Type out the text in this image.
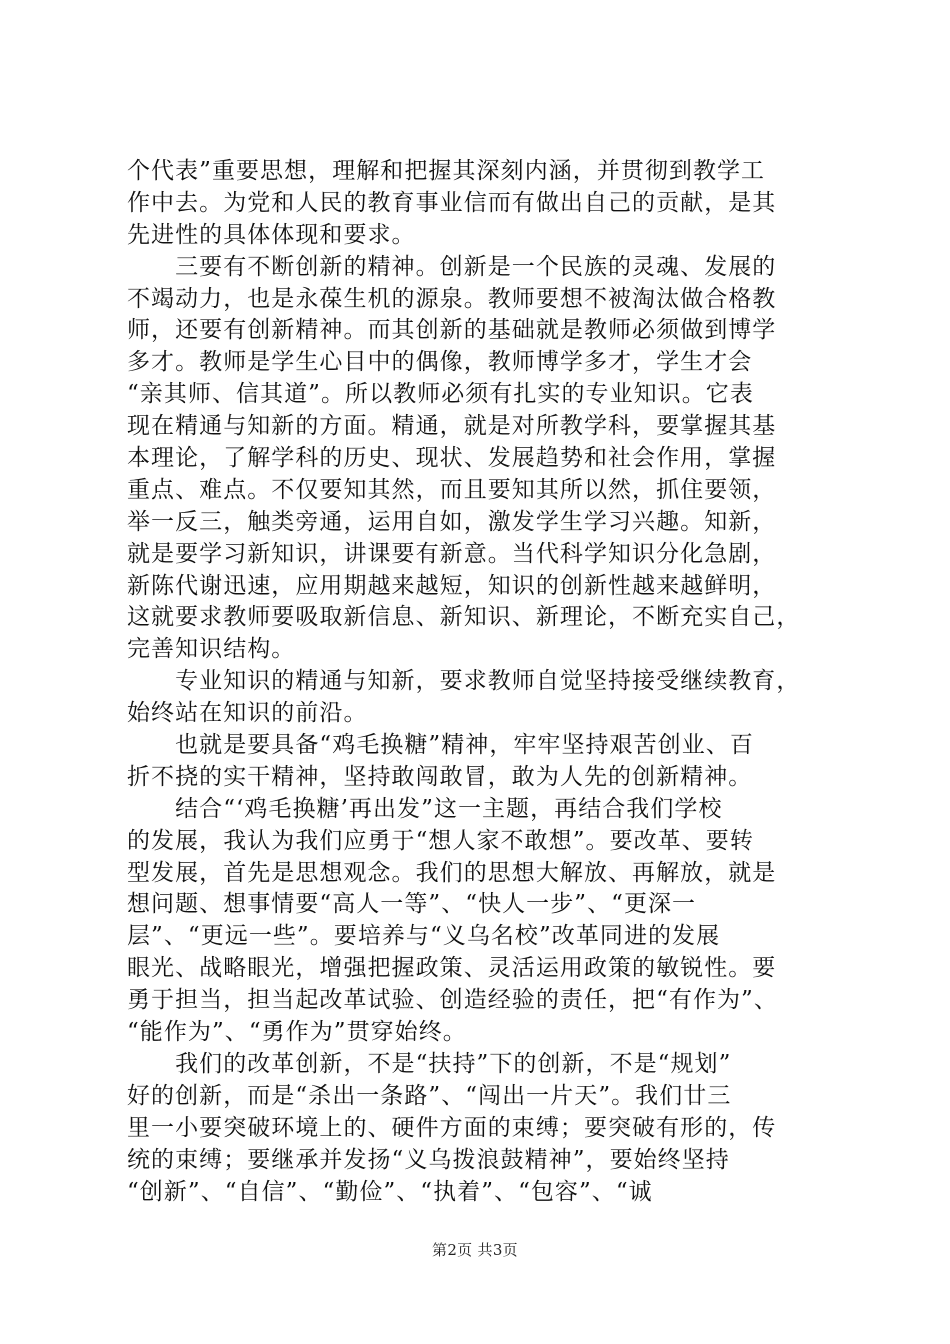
个代表”重要思想，理解和把握其深刻内涵，并贯彻到教学工
作中去。为党和人民的教育事业信而有做出自己的贡献，是其
先进性的具体体现和要求。
　　三要有不断创新的精神。创新是一个民族的灵魂、发展的
不竭动力，也是永葆生机的源泉。教师要想不被淘汰做合格教
师，还要有创新精神。而其创新的基础就是教师必须做到博学
多才。教师是学生心目中的偶像，教师博学多才，学生才会
“亲其师、信其道”。所以教师必须有扎实的专业知识。它表
现在精通与知新的方面。精通，就是对所教学科，要掌握其基
本理论，了解学科的历史、现状、发展趋势和社会作用，掌握
重点、难点。不仅要知其然，而且要知其所以然，抓住要领，
举一反三，触类旁通，运用自如，激发学生学习兴趣。知新，
就是要学习新知识，讲课要有新意。当代科学知识分化急剧，
新陈代谢迅速，应用期越来越短，知识的创新性越来越鲜明，
这就要求教师要吸取新信息、新知识、新理论，不断充实自己，
完善知识结构。
　　专业知识的精通与知新，要求教师自觉坚持接受继续教育，
始终站在知识的前沿。
　　也就是要具备“鸡毛换糖”精神，牢牢坚持艰苦创业、百
折不挠的实干精神，坚持敢闯敢冒，敢为人先的创新精神。
　　结合“‘鸡毛换糖’再出发”这一主题，再结合我们学校
的发展，我认为我们应勇于“想人家不敢想”。要改革、要转
型发展，首先是思想观念。我们的思想大解放、再解放，就是
想问题、想事情要“高人一等”、“快人一步”、“更深一
层”、“更远一些”。要培养与“义乌名校”改革同进的发展
眼光、战略眼光，增强把握政策、灵活运用政策的敏锐性。要
勇于担当，担当起改革试验、创造经验的责任，把“有作为”、
“能作为”、“勇作为”贯穿始终。
　　我们的改革创新，不是“扶持”下的创新，不是“规划”
好的创新，而是“杀出一条路”、“闯出一片天”。我们廿三
里一小要突破环境上的、硬件方面的束缚；要突破有形的，传
统的束缚；要继承并发扬“义乌拨浪鼓精神”，要始终坚持
“创新”、“自信”、“勤俭”、“执着”、“包容”、“诚
第2页 共3页
